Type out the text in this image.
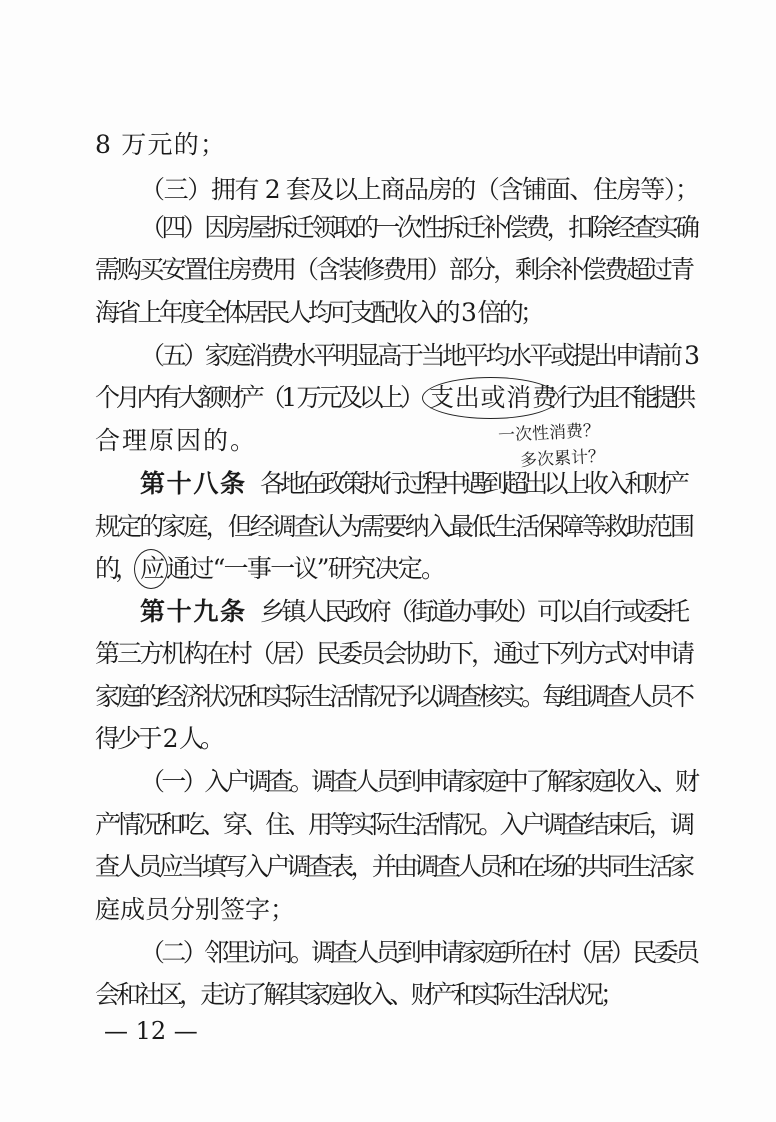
8 万元的；
（三）拥有 2 套及以上商品房的（含铺面、住房等）；
（四）因房屋拆迁领取的一次性拆迁补偿费，扣除经查实确
需购买安置住房费用（含装修费用）部分，剩余补偿费超过青
海省上年度全体居民人均可支配收入的 3 倍的；
（五）家庭消费水平明显高于当地平均水平或提出申请前 3
个月内有大额财产（1 万元及以上） 支出或消费 行为且不能提供
一次性消费？
多次累计？
合理原因的。
第十八条 各地在政策执行过程中遇到超出以上收入和财产
规定的家庭，但经调查认为需要纳入最低生活保障等救助范围
的， 应 通过“一事一议”研究决定。
第十九条 乡镇人民政府（街道办事处）可以自行或委托
第三方机构在村（居）民委员会协助下，通过下列方式对申请
家庭的经济状况和实际生活情况予以调查核实。每组调查人员不
得少于 2 人。
（一）入户调查。调查人员到申请家庭中了解家庭收入、财
产情况和吃、穿、住、用等实际生活情况。入户调查结束后，调
查人员应当填写入户调查表，并由调查人员和在场的共同生活家
庭成员分别签字；
（二）邻里访问。调查人员到申请家庭所在村（居）民委员
会和社区，走访了解其家庭收入、财产和实际生活状况；
— 12 —
